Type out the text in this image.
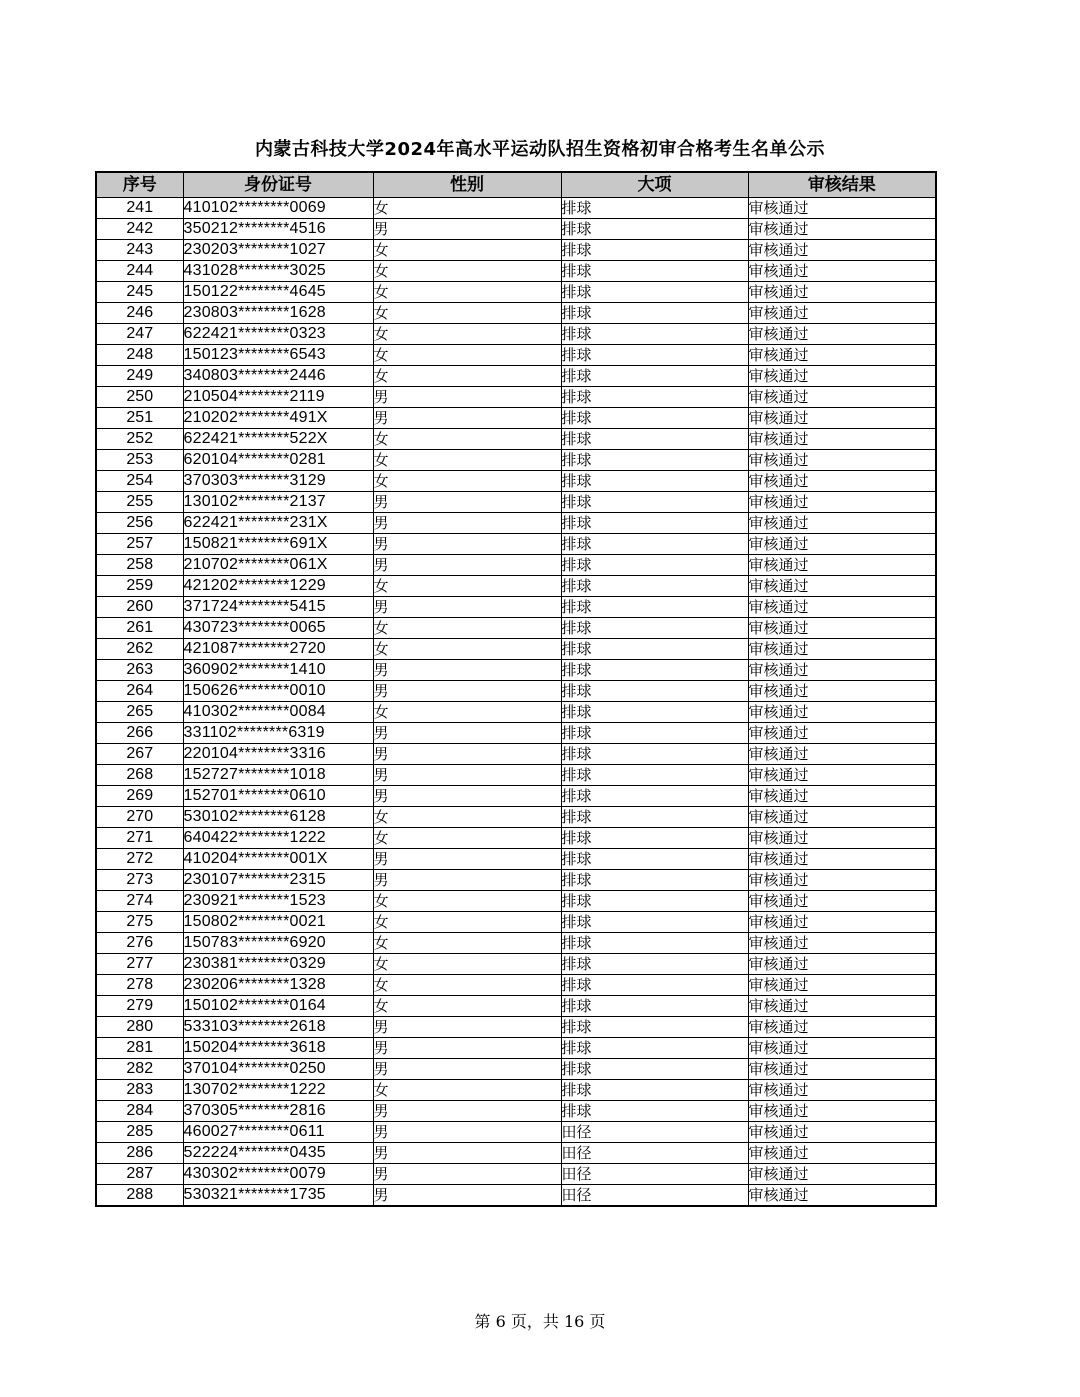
内蒙古科技大学2024年高水平运动队招生资格初审合格考生名单公示
序号	身份证号	性别	大项	审核结果
241	410102********0069	女	排球	审核通过
242	350212********4516	男	排球	审核通过
243	230203********1027	女	排球	审核通过
244	431028********3025	女	排球	审核通过
245	150122********4645	女	排球	审核通过
246	230803********1628	女	排球	审核通过
247	622421********0323	女	排球	审核通过
248	150123********6543	女	排球	审核通过
249	340803********2446	女	排球	审核通过
250	210504********2119	男	排球	审核通过
251	210202********491X	男	排球	审核通过
252	622421********522X	女	排球	审核通过
253	620104********0281	女	排球	审核通过
254	370303********3129	女	排球	审核通过
255	130102********2137	男	排球	审核通过
256	622421********231X	男	排球	审核通过
257	150821********691X	男	排球	审核通过
258	210702********061X	男	排球	审核通过
259	421202********1229	女	排球	审核通过
260	371724********5415	男	排球	审核通过
261	430723********0065	女	排球	审核通过
262	421087********2720	女	排球	审核通过
263	360902********1410	男	排球	审核通过
264	150626********0010	男	排球	审核通过
265	410302********0084	女	排球	审核通过
266	331102********6319	男	排球	审核通过
267	220104********3316	男	排球	审核通过
268	152727********1018	男	排球	审核通过
269	152701********0610	男	排球	审核通过
270	530102********6128	女	排球	审核通过
271	640422********1222	女	排球	审核通过
272	410204********001X	男	排球	审核通过
273	230107********2315	男	排球	审核通过
274	230921********1523	女	排球	审核通过
275	150802********0021	女	排球	审核通过
276	150783********6920	女	排球	审核通过
277	230381********0329	女	排球	审核通过
278	230206********1328	女	排球	审核通过
279	150102********0164	女	排球	审核通过
280	533103********2618	男	排球	审核通过
281	150204********3618	男	排球	审核通过
282	370104********0250	男	排球	审核通过
283	130702********1222	女	排球	审核通过
284	370305********2816	男	排球	审核通过
285	460027********0611	男	田径	审核通过
286	522224********0435	男	田径	审核通过
287	430302********0079	男	田径	审核通过
288	530321********1735	男	田径	审核通过
第 6 页，共 16 页
